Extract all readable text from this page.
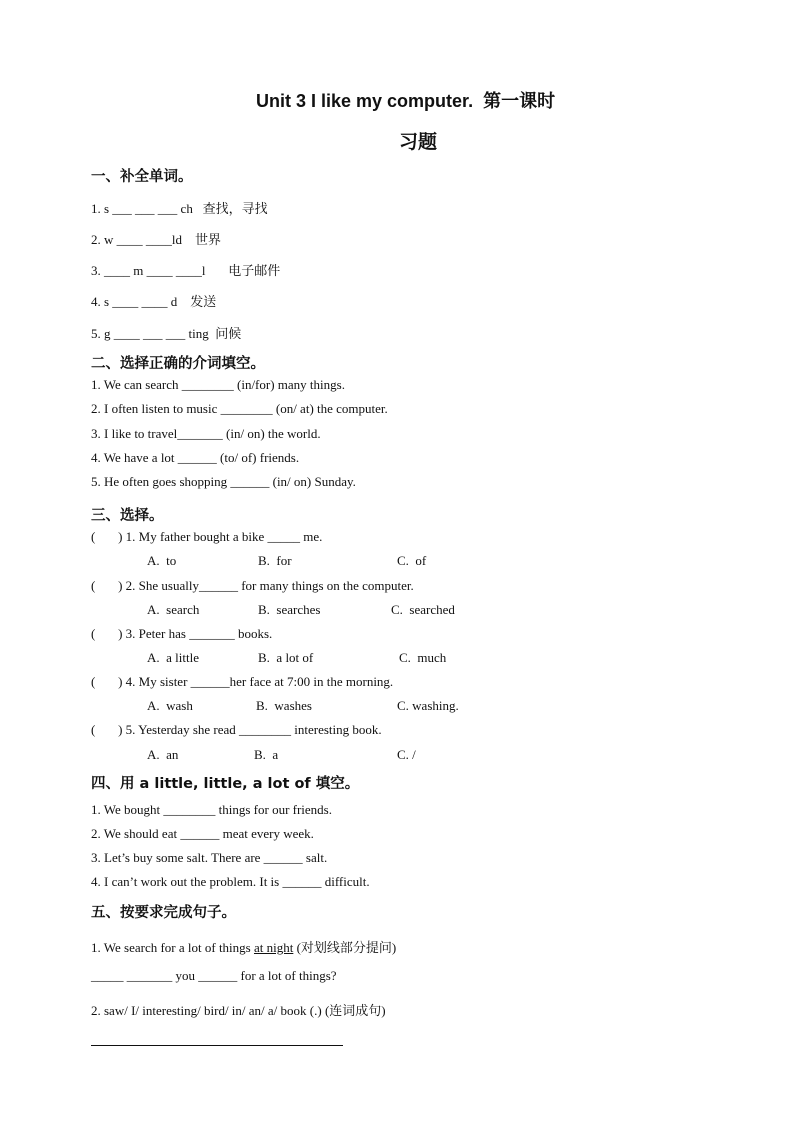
Unit 3 I like my computer.  第一课时
习题
一、补全单词。
1. s ___ ___ ___ ch   查找，寻找
2. w ____ ____ld    世界
3. ____ m ____ ____l       电子邮件
4. s ____ ____ d    发送
5. g ____ ___ ___ ting  问候
二、选择正确的介词填空。
1. We can search ________ (in/for) many things.
2. I often listen to music ________ (on/ at) the computer.
3. I like to travel_______ (in/ on) the world.
4. We have a lot ______ (to/ of) friends.
5. He often goes shopping ______ (in/ on) Sunday.
三、选择。
(       ) 1. My father bought a bike _____ me.
A.  to	B.  for	C.  of
(       ) 2. She usually______ for many things on the computer.
A.  search	B.  searches	C.  searched
(       ) 3. Peter has _______ books.
A.  a little	B.  a lot of	C.  much
(       ) 4. My sister ______her face at 7:00 in the morning.
A.  wash	B.  washes	C. washing.
(       ) 5. Yesterday she read ________ interesting book.
A.  an	B.  a	C. /
四、用 a little, little, a lot of 填空。
1. We bought ________ things for our friends.
2. We should eat ______ meat every week.
3. Let’s buy some salt. There are ______ salt.
4. I can’t work out the problem. It is ______ difficult.
五、按要求完成句子。
1. We search for a lot of things at night (对划线部分提问)
_____ _______ you ______ for a lot of things?
2. saw/ I/ interesting/ bird/ in/ an/ a/ book (.) (连词成句)
